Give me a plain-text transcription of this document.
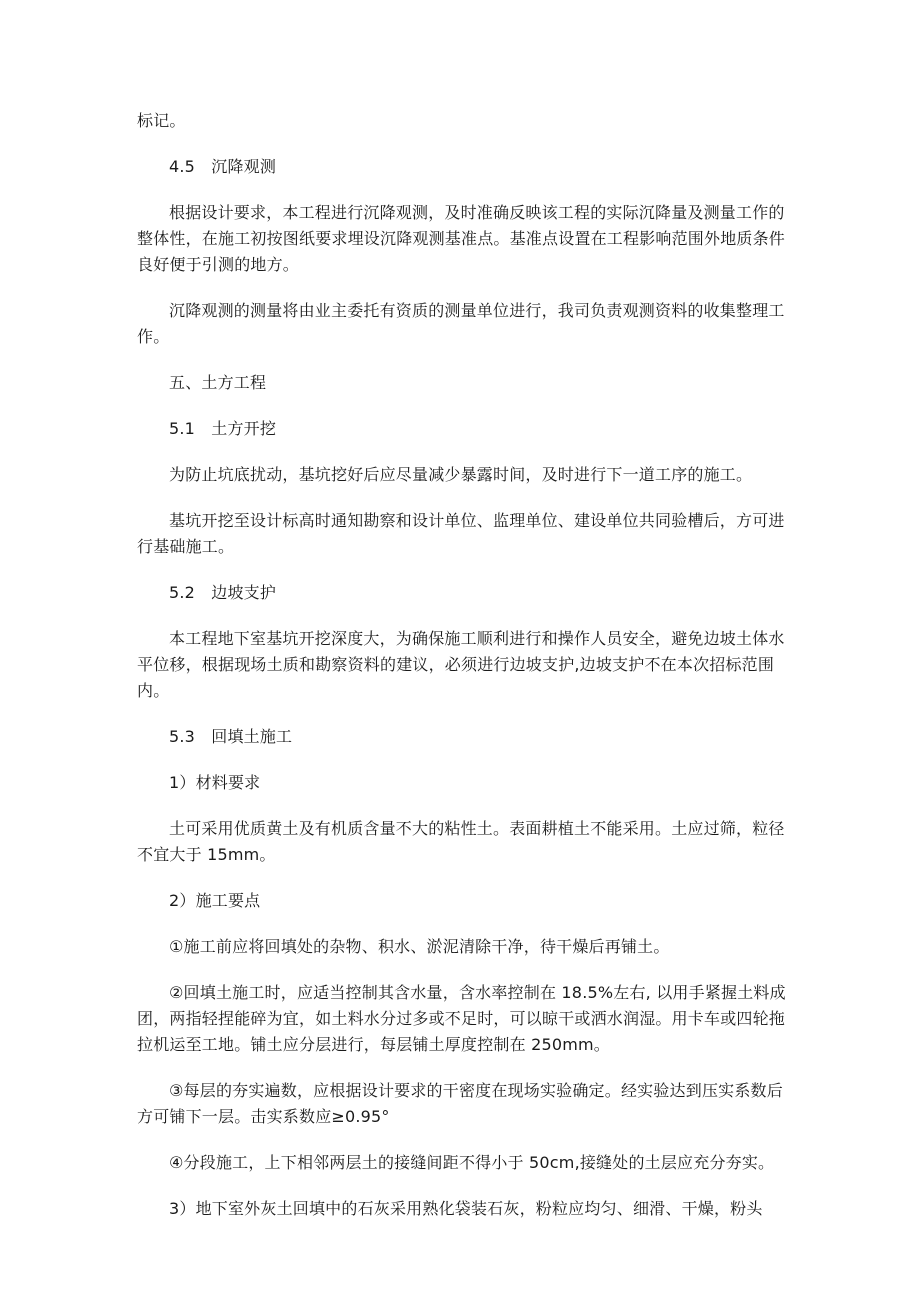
标记。

4.5　沉降观测

根据设计要求，本工程进行沉降观测，及时准确反映该工程的实际沉降量及测量工作的整体性，在施工初按图纸要求埋设沉降观测基准点。基准点设置在工程影响范围外地质条件良好便于引测的地方。

沉降观测的测量将由业主委托有资质的测量单位进行，我司负责观测资料的收集整理工作。

五、土方工程

5.1　土方开挖

为防止坑底扰动，基坑挖好后应尽量减少暴露时间，及时进行下一道工序的施工。

基坑开挖至设计标高时通知勘察和设计单位、监理单位、建设单位共同验槽后，方可进行基础施工。

5.2　边坡支护

本工程地下室基坑开挖深度大，为确保施工顺利进行和操作人员安全，避免边坡土体水平位移，根据现场土质和勘察资料的建议，必须进行边坡支护,边坡支护不在本次招标范围内。

5.3　回填土施工

1）材料要求

土可采用优质黄土及有机质含量不大的粘性土。表面耕植土不能采用。土应过筛，粒径不宜大于 15mm。

2）施工要点

①施工前应将回填处的杂物、积水、淤泥清除干净，待干燥后再铺土。

②回填土施工时，应适当控制其含水量，含水率控制在 18.5%左右, 以用手紧握土料成团，两指轻捏能碎为宜，如土料水分过多或不足时，可以晾干或洒水润湿。用卡车或四轮拖拉机运至工地。铺土应分层进行，每层铺土厚度控制在 250mm。

③每层的夯实遍数，应根据设计要求的干密度在现场实验确定。经实验达到压实系数后方可铺下一层。击实系数应≥0.95°

④分段施工，上下相邻两层土的接缝间距不得小于 50cm,接缝处的土层应充分夯实。

3）地下室外灰土回填中的石灰采用熟化袋装石灰，粉粒应均匀、细滑、干燥，粉头
